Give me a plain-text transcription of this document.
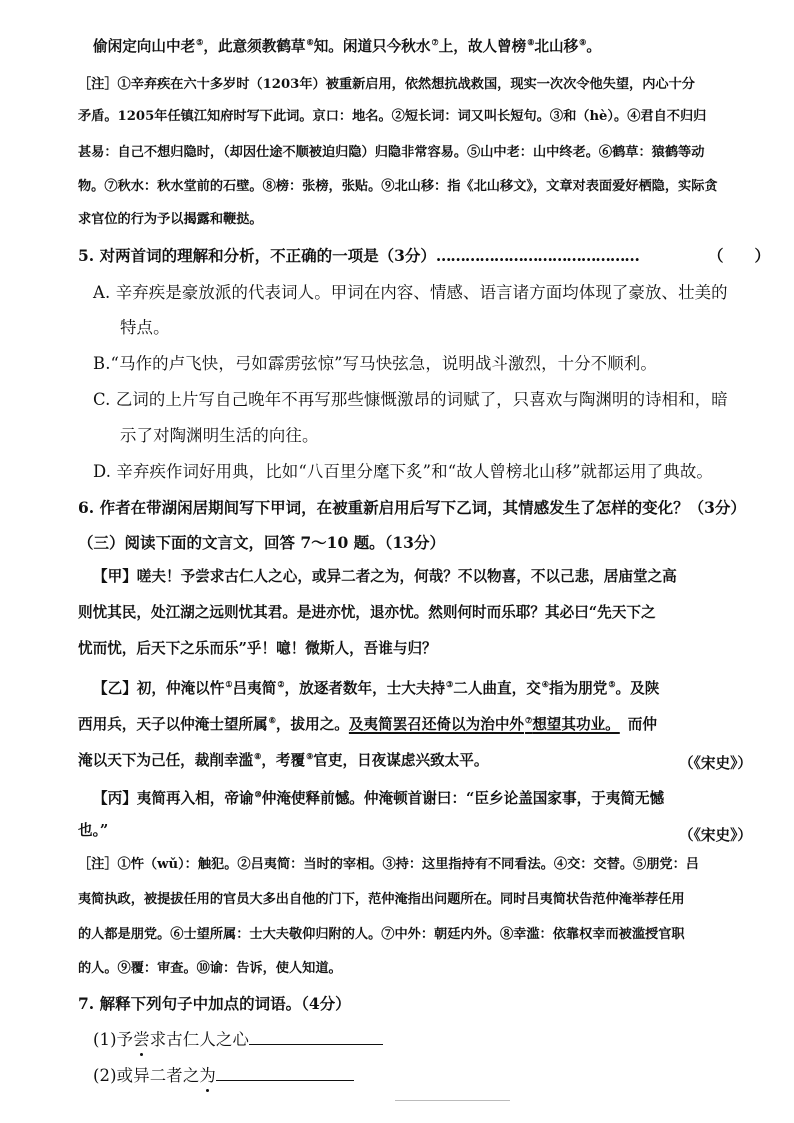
偷闲定向山中老⑤，此意须教鹤草⑥知。闲道只今秋水⑦上，故人曾榜⑧北山移⑨。
［注］①辛弃疾在六十多岁时（1203年）被重新启用，依然想抗战救国，现实一次次令他失望，内心十分
矛盾。1205年任镇江知府时写下此词。京口：地名。②短长词：词又叫长短句。③和（hè）。④君自不归归
甚易：自己不想归隐时，（却因仕途不顺被迫归隐）归隐非常容易。⑤山中老：山中终老。⑥鹤草：猿鹤等动
物。⑦秋水：秋水堂前的石壁。⑧榜：张榜，张贴。⑨北山移：指《北山移文》，文章对表面爱好栖隐，实际贪
求官位的行为予以揭露和鞭挞。
5. 对两首词的理解和分析，不正确的一项是（3分）……………………………………	（　　）
A. 辛弃疾是豪放派的代表词人。甲词在内容、情感、语言诸方面均体现了豪放、壮美的
特点。
B.“马作的卢飞快，弓如霹雳弦惊”写马快弦急，说明战斗激烈，十分不顺利。
C. 乙词的上片写自己晚年不再写那些慷慨激昂的词赋了，只喜欢与陶渊明的诗相和，暗
示了对陶渊明生活的向往。
D. 辛弃疾作词好用典，比如“八百里分麾下炙”和“故人曾榜北山移”就都运用了典故。
6. 作者在带湖闲居期间写下甲词，在被重新启用后写下乙词，其情感发生了怎样的变化？（3分）
（三）阅读下面的文言文，回答 7～10 题。（13分）
【甲】嗟夫！予尝求古仁人之心，或异二者之为，何哉？不以物喜，不以己悲，居庙堂之高
则忧其民，处江湖之远则忧其君。是进亦忧，退亦忧。然则何时而乐耶？其必曰“先天下之
忧而忧，后天下之乐而乐”乎！噫！微斯人，吾谁与归？
【乙】初，仲淹以忤①吕夷简②，放逐者数年，士大夫持③二人曲直，交④指为朋党⑤。及陕
西用兵，天子以仲淹士望所属⑥，拔用之。及夷简罢召还倚以为治中外⑦想望其功业。 而仲
淹以天下为己任，裁削幸滥⑧，考覆⑨官吏，日夜谋虑兴致太平。	（《宋史》）
【丙】夷简再入相，帝谕⑩仲淹使释前憾。仲淹顿首谢曰：“臣乡论盖国家事，于夷简无憾
也。”	（《宋史》）
［注］①忤（wǔ）：触犯。②吕夷简：当时的宰相。③持：这里指持有不同看法。④交：交替。⑤朋党：吕
夷简执政，被提拔任用的官员大多出自他的门下，范仲淹指出问题所在。同时吕夷简状告范仲淹举荐任用
的人都是朋党。⑥士望所属：士大夫敬仰归附的人。⑦中外：朝廷内外。⑧幸滥：依靠权幸而被滥授官职
的人。⑨覆：审查。⑩谕：告诉，使人知道。
7. 解释下列句子中加点的词语。（4分）
(1)予尝求古仁人之心
(2)或异二者之为
